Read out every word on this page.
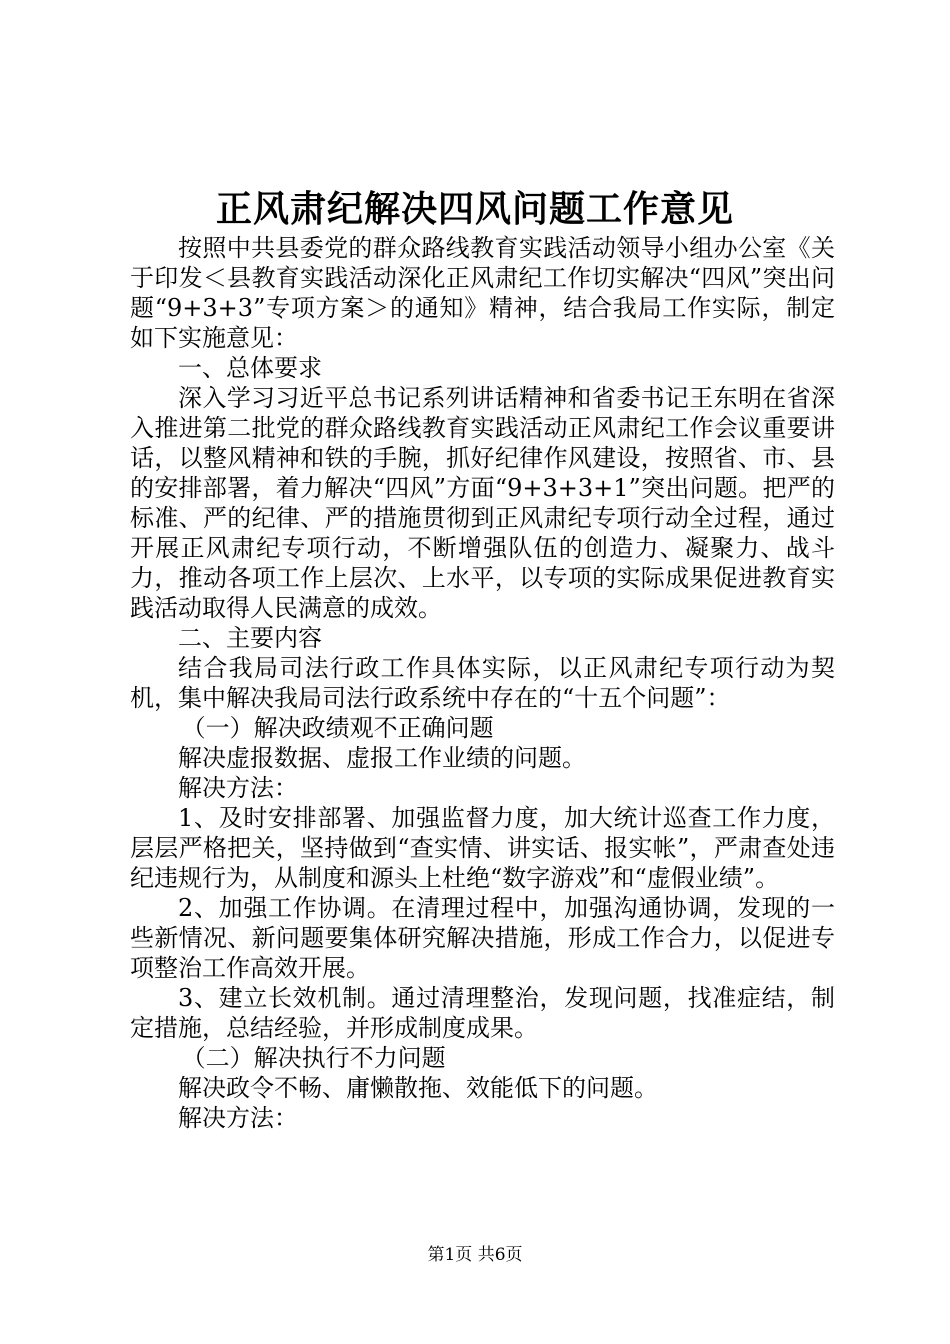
正风肃纪解决四风问题工作意见

按照中共县委党的群众路线教育实践活动领导小组办公室《关于印发＜县教育实践活动深化正风肃纪工作切实解决“四风”突出问题“9+3+3”专项方案＞的通知》精神，结合我局工作实际，制定如下实施意见：

一、总体要求

深入学习习近平总书记系列讲话精神和省委书记王东明在省深入推进第二批党的群众路线教育实践活动正风肃纪工作会议重要讲话，以整风精神和铁的手腕，抓好纪律作风建设，按照省、市、县的安排部署，着力解决“四风”方面“9+3+3+1”突出问题。把严的标准、严的纪律、严的措施贯彻到正风肃纪专项行动全过程，通过开展正风肃纪专项行动，不断增强队伍的创造力、凝聚力、战斗力，推动各项工作上层次、上水平，以专项的实际成果促进教育实践活动取得人民满意的成效。

二、主要内容

结合我局司法行政工作具体实际，以正风肃纪专项行动为契机，集中解决我局司法行政系统中存在的“十五个问题”：

（一）解决政绩观不正确问题

解决虚报数据、虚报工作业绩的问题。

解决方法：

1、及时安排部署、加强监督力度，加大统计巡查工作力度，层层严格把关，坚持做到“查实情、讲实话、报实帐”，严肃查处违纪违规行为，从制度和源头上杜绝“数字游戏”和“虚假业绩”。

2、加强工作协调。在清理过程中，加强沟通协调，发现的一些新情况、新问题要集体研究解决措施，形成工作合力，以促进专项整治工作高效开展。

3、建立长效机制。通过清理整治，发现问题，找准症结，制定措施，总结经验，并形成制度成果。

（二）解决执行不力问题

解决政令不畅、庸懒散拖、效能低下的问题。

解决方法：

第1页 共6页
